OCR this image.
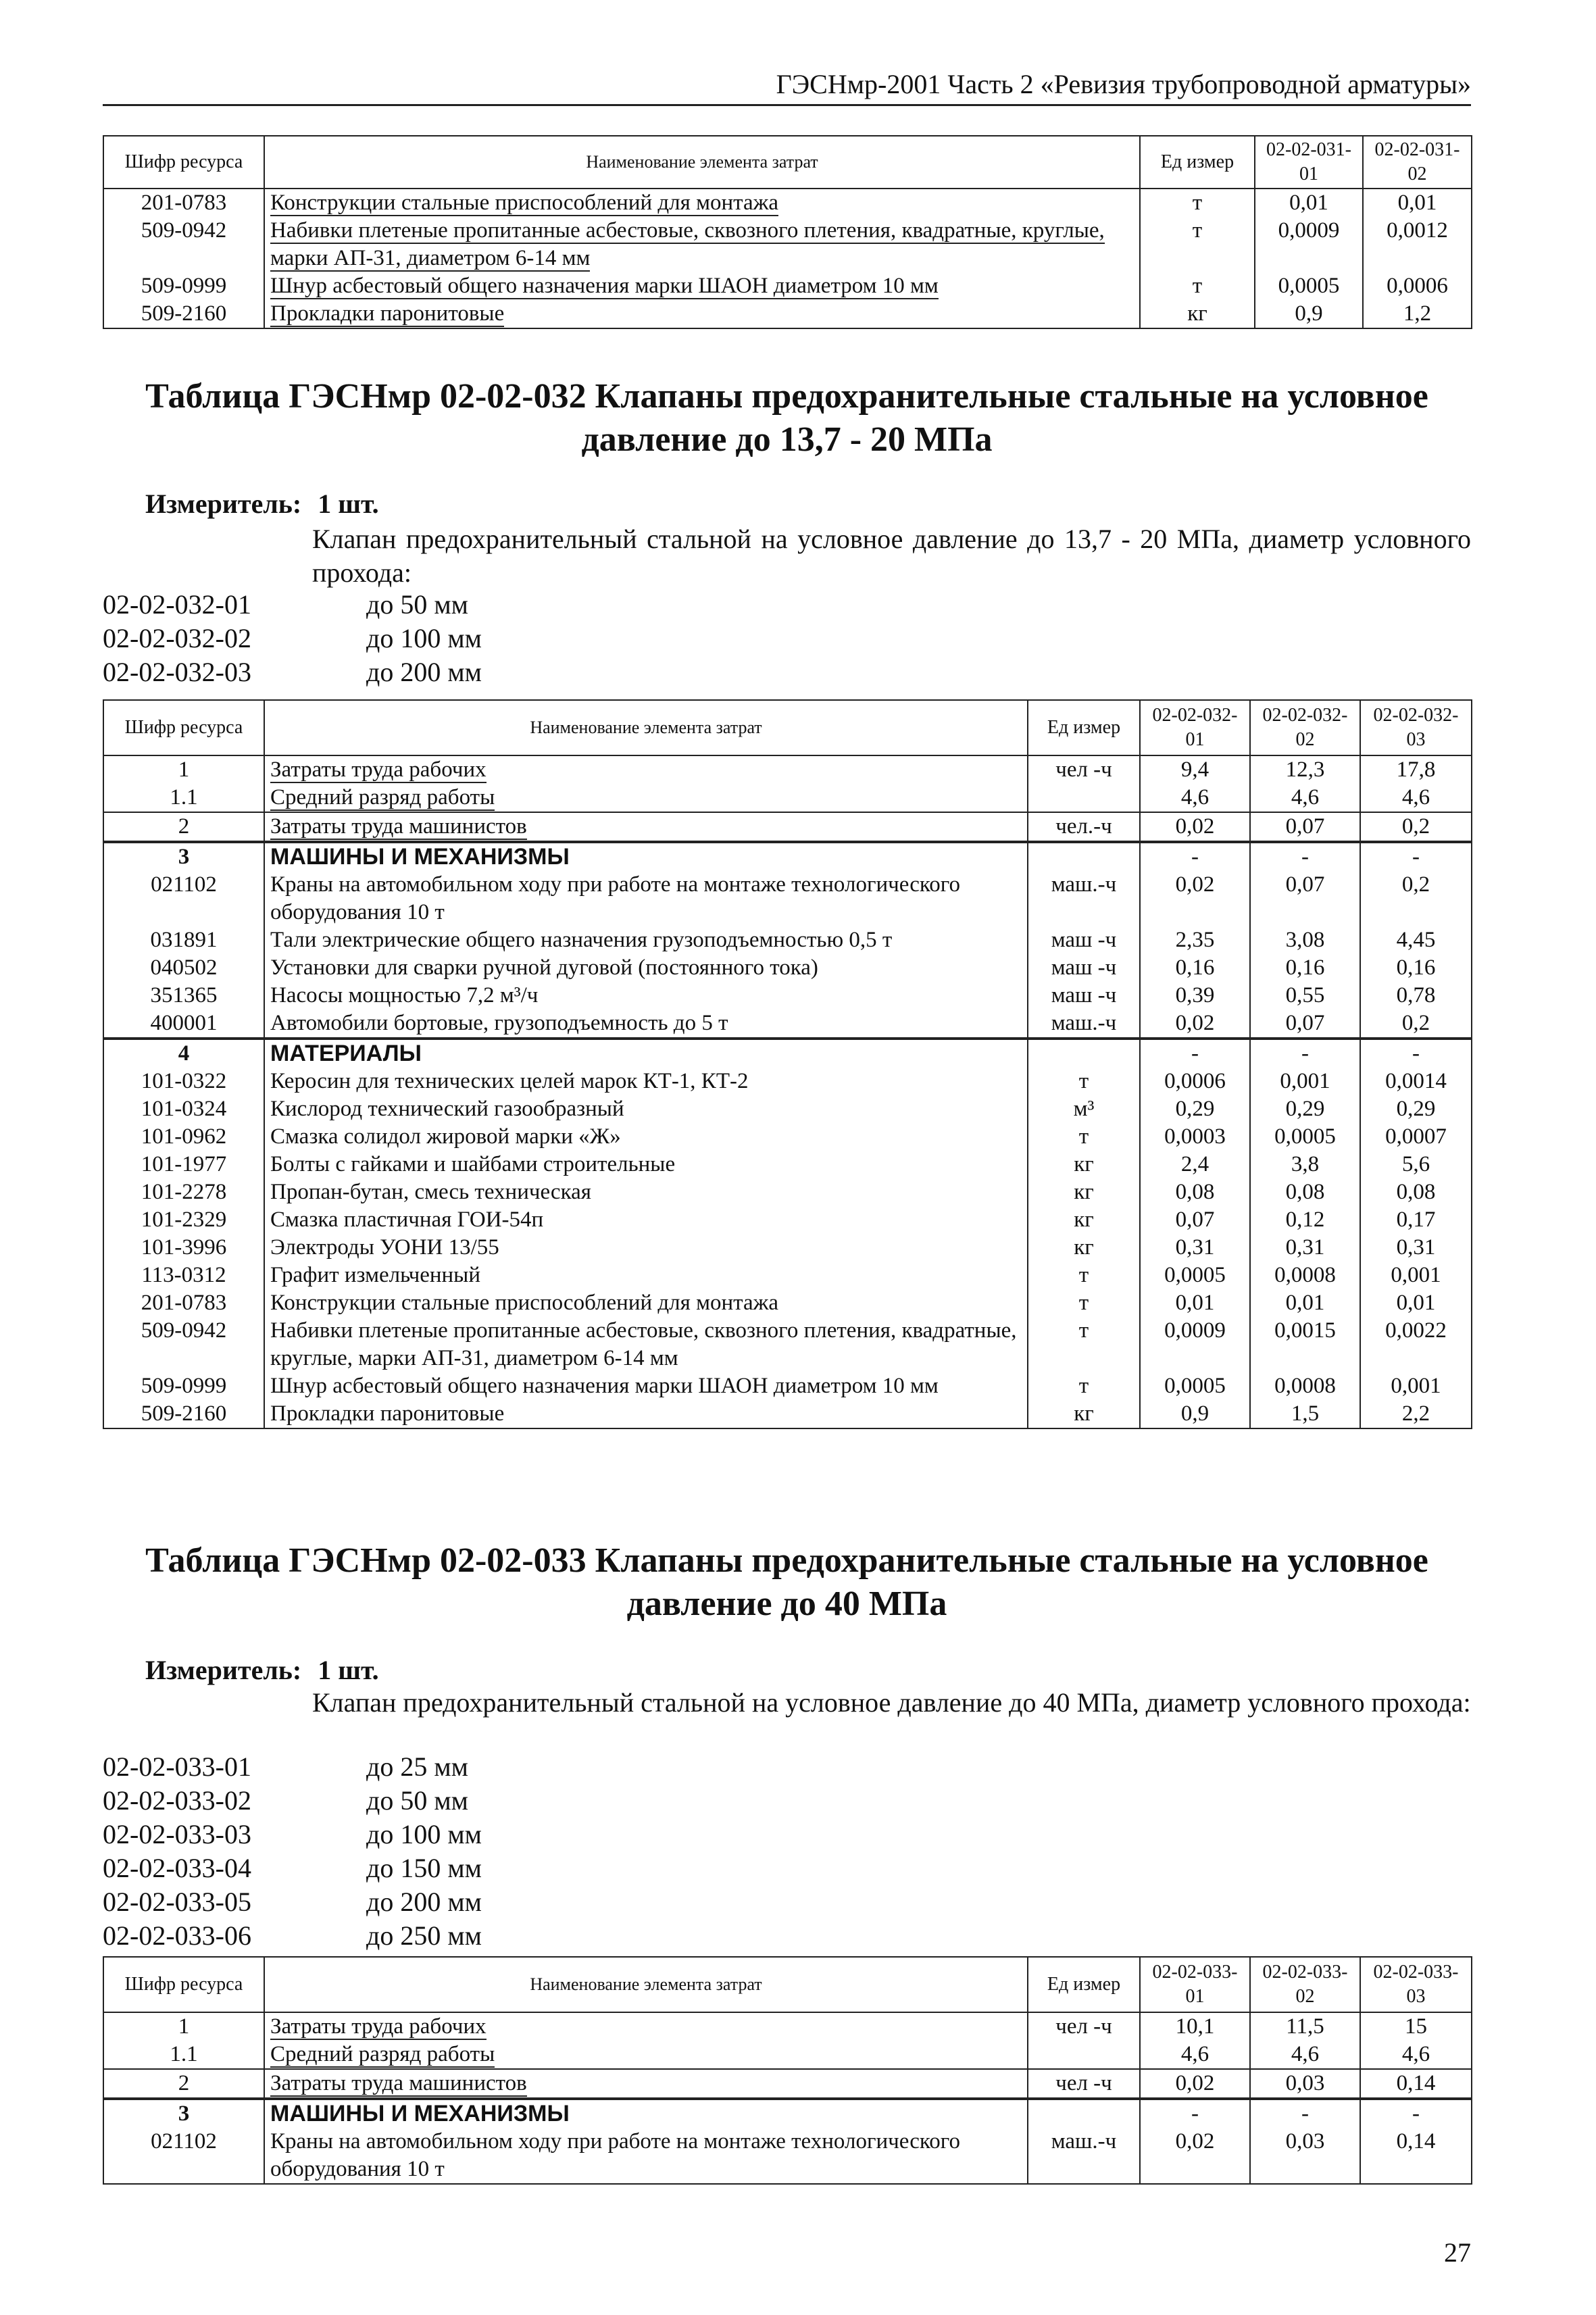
ГЭСНмр-2001 Часть 2 «Ревизия трубопроводной арматуры»
Шифр ресурса	Наименование элемента затрат	Ед измер	02-02-031-01	02-02-031-02
201-0783	Конструкции стальные приспособлений для монтажа	т	0,01	0,01
509-0942	Набивки плетеные пропитанные асбестовые, сквозного плетения, квадратные, круглые, марки АП-31, диаметром 6-14 мм	т	0,0009	0,0012
509-0999	Шнур асбестовый общего назначения марки ШАОН диаметром 10 мм	т	0,0005	0,0006
509-2160	Прокладки паронитовые	кг	0,9	1,2
Таблица ГЭСНмр 02-02-032 Клапаны предохранительные стальные на условное давление до 13,7 - 20 МПа
Измеритель: 1 шт.
Клапан предохранительный стальной на условное давление до 13,7 - 20 МПа, диаметр условного прохода:
02-02-032-01	до 50 мм
02-02-032-02	до 100 мм
02-02-032-03	до 200 мм
Шифр ресурса	Наименование элемента затрат	Ед измер	02-02-032-01	02-02-032-02	02-02-032-03
1	Затраты труда рабочих	чел -ч	9,4	12,3	17,8
1.1	Средний разряд работы		4,6	4,6	4,6
2	Затраты труда машинистов	чел.-ч	0,02	0,07	0,2
3	МАШИНЫ И МЕХАНИЗМЫ		-	-	-
021102	Краны на автомобильном ходу при работе на монтаже технологического оборудования 10 т	маш.-ч	0,02	0,07	0,2
031891	Тали электрические общего назначения грузоподъемностью 0,5 т	маш -ч	2,35	3,08	4,45
040502	Установки для сварки ручной дуговой (постоянного тока)	маш -ч	0,16	0,16	0,16
351365	Насосы мощностью 7,2 м³/ч	маш -ч	0,39	0,55	0,78
400001	Автомобили бортовые, грузоподъемность до 5 т	маш.-ч	0,02	0,07	0,2
4	МАТЕРИАЛЫ		-	-	-
101-0322	Керосин для технических целей марок КТ-1, КТ-2	т	0,0006	0,001	0,0014
101-0324	Кислород технический газообразный	м³	0,29	0,29	0,29
101-0962	Смазка солидол жировой марки «Ж»	т	0,0003	0,0005	0,0007
101-1977	Болты с гайками и шайбами строительные	кг	2,4	3,8	5,6
101-2278	Пропан-бутан, смесь техническая	кг	0,08	0,08	0,08
101-2329	Смазка пластичная ГОИ-54п	кг	0,07	0,12	0,17
101-3996	Электроды УОНИ 13/55	кг	0,31	0,31	0,31
113-0312	Графит измельченный	т	0,0005	0,0008	0,001
201-0783	Конструкции стальные приспособлений для монтажа	т	0,01	0,01	0,01
509-0942	Набивки плетеные пропитанные асбестовые, сквозного плетения, квадратные, круглые, марки АП-31, диаметром 6-14 мм	т	0,0009	0,0015	0,0022
509-0999	Шнур асбестовый общего назначения марки ШАОН диаметром 10 мм	т	0,0005	0,0008	0,001
509-2160	Прокладки паронитовые	кг	0,9	1,5	2,2
Таблица ГЭСНмр 02-02-033 Клапаны предохранительные стальные на условное давление до 40 МПа
Измеритель: 1 шт.
Клапан предохранительный стальной на условное давление до 40 МПа, диаметр условного прохода:
02-02-033-01	до 25 мм
02-02-033-02	до 50 мм
02-02-033-03	до 100 мм
02-02-033-04	до 150 мм
02-02-033-05	до 200 мм
02-02-033-06	до 250 мм
Шифр ресурса	Наименование элемента затрат	Ед измер	02-02-033-01	02-02-033-02	02-02-033-03
1	Затраты труда рабочих	чел -ч	10,1	11,5	15
1.1	Средний разряд работы		4,6	4,6	4,6
2	Затраты труда машинистов	чел -ч	0,02	0,03	0,14
3	МАШИНЫ И МЕХАНИЗМЫ		-	-	-
021102	Краны на автомобильном ходу при работе на монтаже технологического оборудования 10 т	маш.-ч	0,02	0,03	0,14
27
